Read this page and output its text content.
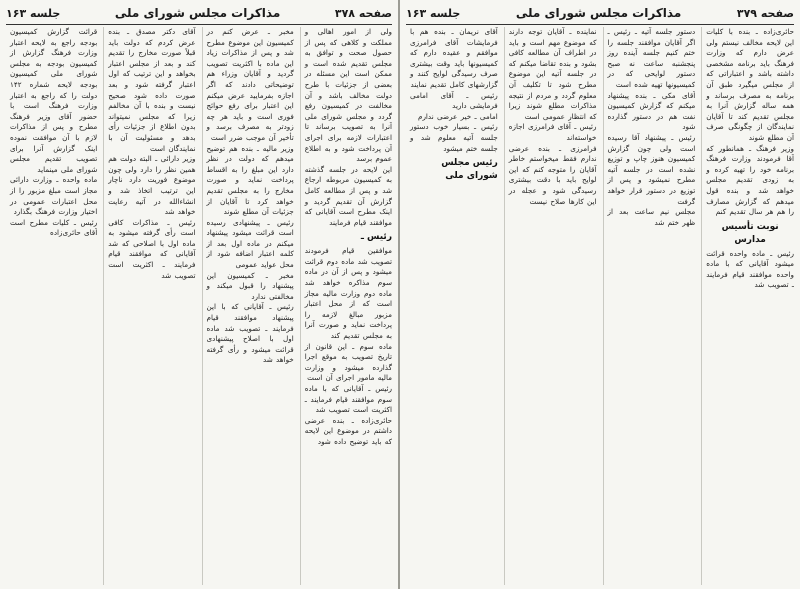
صفحه ۳۷۸
مذاکرات مجلس شورای ملی
جلسه ۱۶۳
ولی از امور اهالی و مملکت و کلاهی که پس از حصول صحت و توافق به مجلس تقدیم شده است و ممکن است این مسئله در بعضی از جزئیات با طرح دولت مخالف باشد و آن مخالفت در کمیسیون رفع گردد و مجلس شورای ملی آنرا به تصویب برساند تا اعتبارات لازمه برای اجرای آن پرداخت شود و به اطلاع عموم برسد
این لایحه در جلسه گذشته به کمیسیون مربوطه ارجاع شد و پس از مطالعه کامل گزارش آن تقدیم گردید و اینک مطرح است آقایانی که موافقند قیام فرمایند
رئیس ـ
موافقین قیام فرمودند تصویب شد ماده دوم قرائت میشود و پس از آن در ماده سوم مذاکره خواهد شد ماده دوم وزارت مالیه مجاز است که از محل اعتبار مزبور مبالغ لازمه را پرداخت نماید و صورت آنرا به مجلس تقدیم کند
ماده سوم ـ این قانون از تاریخ تصویب به موقع اجرا گذارده میشود و وزارت مالیه مامور اجرای آن است
رئیس ـ آقایانی که با ماده سوم موافقند قیام فرمایند ـ اکثریت است تصویب شد
حائری‌زاده ـ بنده عرضی داشتم در موضوع این لایحه که باید توضیح داده شود
مخبر ـ عرض کنم در کمیسیون این موضوع مطرح شد و پس از مذاکرات زیاد این ماده با اکثریت تصویب گردید و آقایان وزراء هم توضیحاتی دادند که اگر اجازه بفرمایید عرض میکنم این اعتبار برای رفع حوائج فوری است و باید هر چه زودتر به مصرف برسد و تأخیر آن موجب ضرر است
وزیر مالیه ـ بنده هم توضیح میدهم که دولت در نظر دارد این مبلغ را به اقساط پرداخت نماید و صورت مخارج را به مجلس تقدیم خواهد کرد تا آقایان از جزئیات آن مطلع شوند
رئیس ـ پیشنهادی رسیده است قرائت میشود پیشنهاد میکنم در ماده اول بعد از کلمه اعتبار اضافه شود از محل عواید عمومی
مخبر ـ کمیسیون این پیشنهاد را قبول میکند و مخالفتی ندارد
رئیس ـ آقایانی که با این پیشنهاد موافقند قیام فرمایند ـ تصویب شد ماده اول با اصلاح پیشنهادی قرائت میشود و رأی گرفته خواهد شد
آقای دکتر مصدق ـ بنده عرض کردم که دولت باید قبلاً صورت مخارج را تقدیم کند و بعد از مجلس اعتبار بخواهد و این ترتیب که اول اعتبار گرفته شود و بعد صورت داده شود صحیح نیست و بنده با آن مخالفم زیرا که مجلس نمیتواند بدون اطلاع از جزئیات رأی بدهد و مسئولیت آن با نمایندگان است
وزیر دارائی ـ البته دولت هم همین نظر را دارد ولی چون موضوع فوریت دارد ناچار این ترتیب اتخاذ شد و انشاءالله در آتیه رعایت خواهد شد
رئیس ـ مذاکرات کافی است رأی گرفته میشود به ماده اول با اصلاحی که شد آقایانی که موافقند قیام فرمایند ـ اکثریت است تصویب شد
قرائت گزارش کمیسیون بودجه راجع به لایحه اعتبار وزارت فرهنگ گزارش از کمیسیون بودجه به مجلس شورای ملی کمیسیون بودجه لایحه شماره ۱۴۲ دولت را که راجع به اعتبار وزارت فرهنگ است با حضور آقای وزیر فرهنگ مطرح و پس از مذاکرات لازم با آن موافقت نموده اینک گزارش آنرا برای تصویب تقدیم مجلس شورای ملی مینماید
ماده واحده ـ وزارت دارائی مجاز است مبلغ مزبور را از محل اعتبارات عمومی در اختیار وزارت فرهنگ بگذارد
رئیس ـ کلیات مطرح است آقای حائری‌زاده
صفحه ۳۷۹
مذاکرات مجلس شورای ملی
جلسه ۱۶۳
حائری‌زاده ـ بنده با کلیات این لایحه مخالف نیستم ولی عرض دارم که وزارت فرهنگ باید برنامه مشخصی داشته باشد و اعتباراتی که از مجلس میگیرد طبق آن برنامه به مصرف برساند و همه ساله گزارش آنرا به مجلس تقدیم کند تا آقایان نمایندگان از چگونگی صرف آن مطلع شوند
وزیر فرهنگ ـ همانطور که آقا فرمودند وزارت فرهنگ برنامه خود را تهیه کرده و به زودی تقدیم مجلس خواهد شد و بنده قول میدهم که گزارش مصارف را هم هر سال تقدیم کنم
نوبت تأسیس مدارس
رئیس ـ ماده واحده قرائت میشود آقایانی که با ماده واحده موافقند قیام فرمایند ـ تصویب شد
دستور جلسه آتیه ـ رئیس ـ اگر آقایان موافقند جلسه را ختم کنیم جلسه آینده روز پنجشنبه ساعت نه صبح دستور لوایحی که در کمیسیونها تهیه شده است
آقای مکی ـ بنده پیشنهاد میکنم که گزارش کمیسیون نفت هم در دستور گذارده شود
رئیس ـ پیشنهاد آقا رسیده است ولی چون گزارش کمیسیون هنوز چاپ و توزیع نشده است در جلسه آتیه مطرح نمیشود و پس از توزیع در دستور قرار خواهد گرفت
مجلس نیم ساعت بعد از ظهر ختم شد
نماینده ـ آقایان توجه دارند که موضوع مهم است و باید در اطراف آن مطالعه کافی بشود و بنده تقاضا میکنم که در جلسه آتیه این موضوع مطرح شود تا تکلیف آن معلوم گردد و مردم از نتیجه مذاکرات مطلع شوند زیرا که انتظار عمومی است
رئیس ـ آقای فرامرزی اجازه خواسته‌اند
فرامرزی ـ بنده عرضی ندارم فقط میخواستم خاطر آقایان را متوجه کنم که این لوایح باید با دقت بیشتری رسیدگی شود و عجله در این کارها صلاح نیست
آقای نریمان ـ بنده هم با فرمایشات آقای فرامرزی موافقم و عقیده دارم که کمیسیونها باید وقت بیشتری صرف رسیدگی لوایح کنند و گزارشهای کامل تقدیم نمایند
رئیس ـ آقای امامی فرمایشی دارید
امامی ـ خیر عرضی ندارم
رئیس ـ بسیار خوب دستور جلسه آتیه معلوم شد و جلسه ختم میشود
رئیس مجلس شورای ملی
